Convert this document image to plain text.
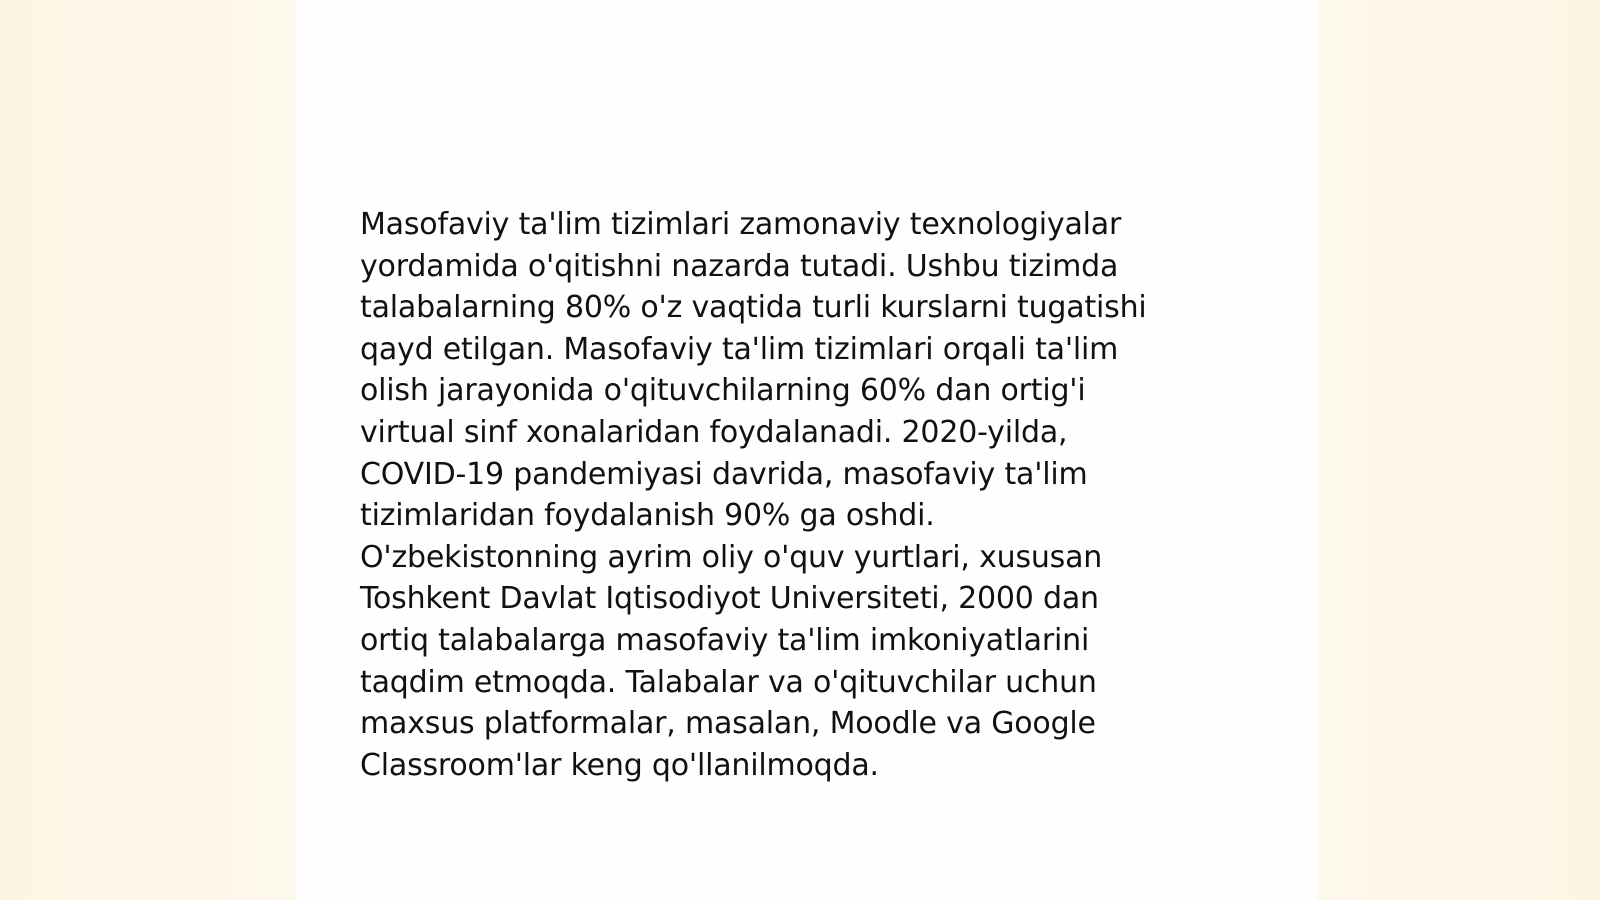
Masofaviy ta'lim tizimlari zamonaviy texnologiyalar
yordamida o'qitishni nazarda tutadi. Ushbu tizimda
talabalarning 80% o'z vaqtida turli kurslarni tugatishi
qayd etilgan. Masofaviy ta'lim tizimlari orqali ta'lim
olish jarayonida o'qituvchilarning 60% dan ortig'i
virtual sinf xonalaridan foydalanadi. 2020-yilda,
COVID-19 pandemiyasi davrida, masofaviy ta'lim
tizimlaridan foydalanish 90% ga oshdi.
O'zbekistonning ayrim oliy o'quv yurtlari, xususan
Toshkent Davlat Iqtisodiyot Universiteti, 2000 dan
ortiq talabalarga masofaviy ta'lim imkoniyatlarini
taqdim etmoqda. Talabalar va o'qituvchilar uchun
maxsus platformalar, masalan, Moodle va Google
Classroom'lar keng qo'llanilmoqda.
